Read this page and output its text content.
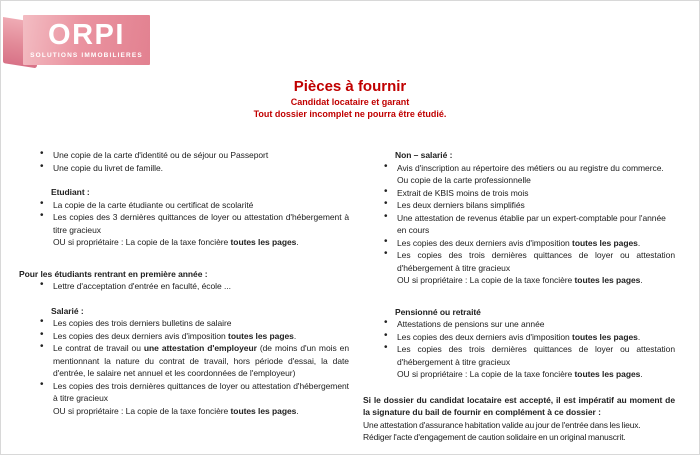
ORPI
SOLUTIONS IMMOBILIERES
Pièces à fournir
Candidat locataire et garant
Tout dossier incomplet ne pourra être étudié.
• Une copie de la carte d'identité ou de séjour ou Passeport
• Une copie du livret de famille.
Etudiant :
• La copie de la carte étudiante ou certificat de scolarité
• Les copies des 3 dernières quittances de loyer ou attestation d'hébergement à titre gracieux
OU si propriétaire : La copie de la taxe foncière toutes les pages.
Pour les étudiants rentrant en première année :
• Lettre d'acceptation d'entrée en faculté, école ...
Salarié :
• Les copies des trois derniers bulletins de salaire
• Les copies des deux derniers avis d'imposition toutes les pages.
• Le contrat de travail ou une attestation d'employeur (de moins d'un mois en mentionnant la nature du contrat de travail, hors période d'essai, la date d'entrée, le salaire net annuel et les coordonnées de l'employeur)
• Les copies des trois dernières quittances de loyer ou attestation d'hébergement à titre gracieux
OU si propriétaire : La copie de la taxe foncière toutes les pages.
Non – salarié :
• Avis d'inscription au répertoire des métiers ou au registre du commerce.
Ou copie de la carte professionnelle
• Extrait de KBIS moins de trois mois
• Les deux derniers bilans simplifiés
• Une attestation de revenus établie par un expert-comptable pour l'année en cours
• Les copies des deux derniers avis d'imposition toutes les pages.
• Les copies des trois dernières quittances de loyer ou attestation d'hébergement à titre gracieux
OU si propriétaire : La copie de la taxe foncière toutes les pages.
Pensionné ou retraité
• Attestations de pensions sur une année
• Les copies des deux derniers avis d'imposition toutes les pages.
• Les copies des trois dernières quittances de loyer ou attestation d'hébergement à titre gracieux
OU si propriétaire : La copie de la taxe foncière toutes les pages.
Si le dossier du candidat locataire est accepté, il est impératif au moment de la signature du bail de fournir en complément à ce dossier :
Une attestation d'assurance habitation valide au jour de l'entrée dans les lieux.
Rédiger l'acte d'engagement de caution solidaire en un original manuscrit.
